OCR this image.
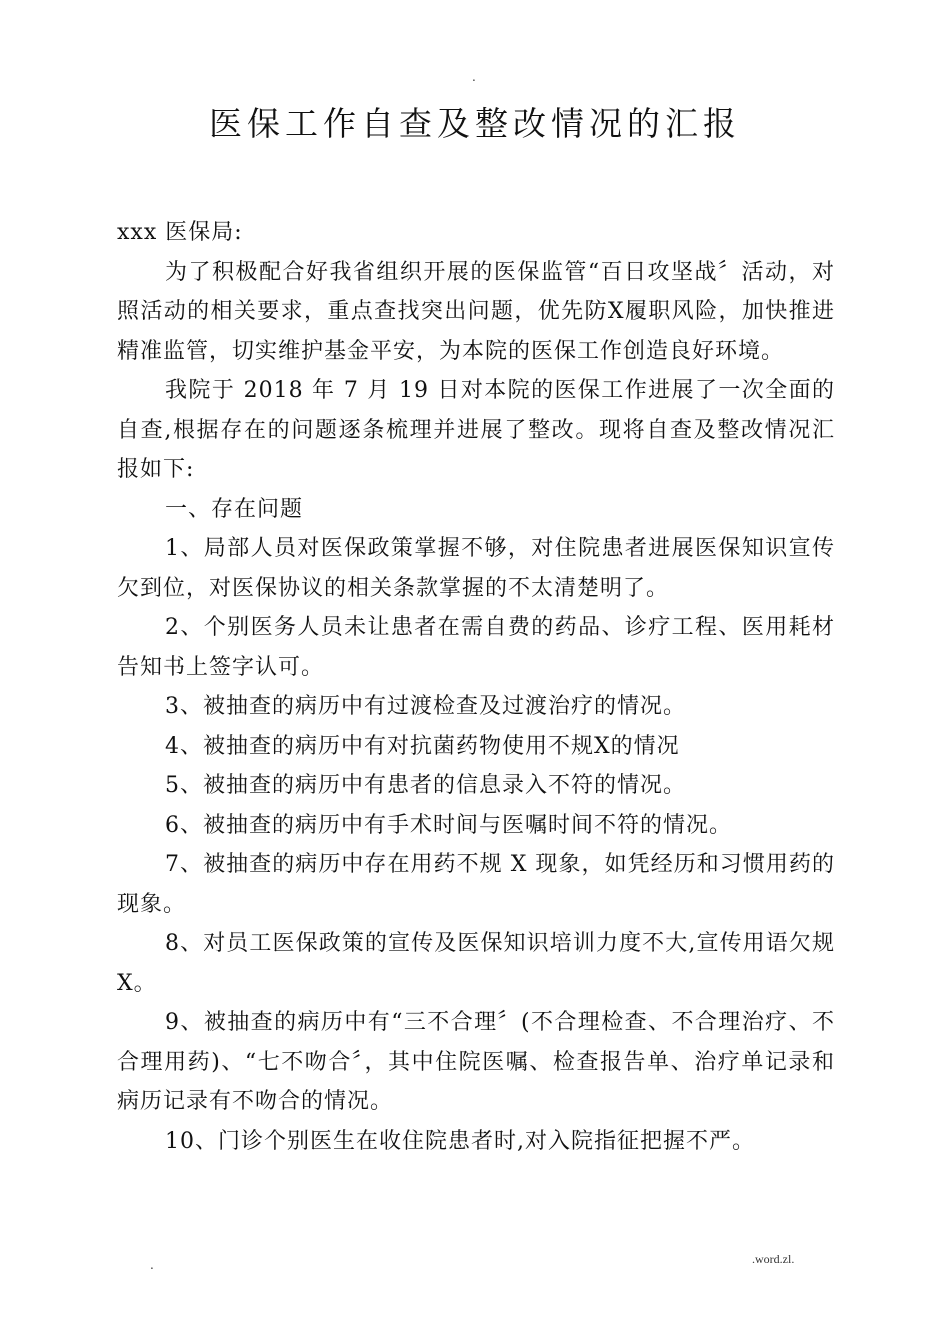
.
医保工作自查及整改情况的汇报

xxx 医保局:

为了积极配合好我省组织开展的医保监管“百日攻坚战〞活动，对照活动的相关要求，重点查找突出问题，优先防X履职风险，加快推进精准监管，切实维护基金平安，为本院的医保工作创造良好环境。

我院于 2018 年 7 月 19 日对本院的医保工作进展了一次全面的自查,根据存在的问题逐条梳理并进展了整改。现将自查及整改情况汇报如下:

一、存在问题

1、局部人员对医保政策掌握不够，对住院患者进展医保知识宣传欠到位，对医保协议的相关条款掌握的不太清楚明了。

2、个别医务人员未让患者在需自费的药品、诊疗工程、医用耗材告知书上签字认可。

3、被抽查的病历中有过渡检查及过渡治疗的情况。

4、被抽查的病历中有对抗菌药物使用不规X的情况

5、被抽查的病历中有患者的信息录入不符的情况。

6、被抽查的病历中有手术时间与医嘱时间不符的情况。

7、被抽查的病历中存在用药不规 X 现象，如凭经历和习惯用药的现象。

8、对员工医保政策的宣传及医保知识培训力度不大,宣传用语欠规X。

9、被抽查的病历中有“三不合理〞(不合理检查、不合理治疗、不合理用药)、“七不吻合〞，其中住院医嘱、检查报告单、治疗单记录和病历记录有不吻合的情况。

10、门诊个别医生在收住院患者时,对入院指征把握不严。

.	.word.zl.
